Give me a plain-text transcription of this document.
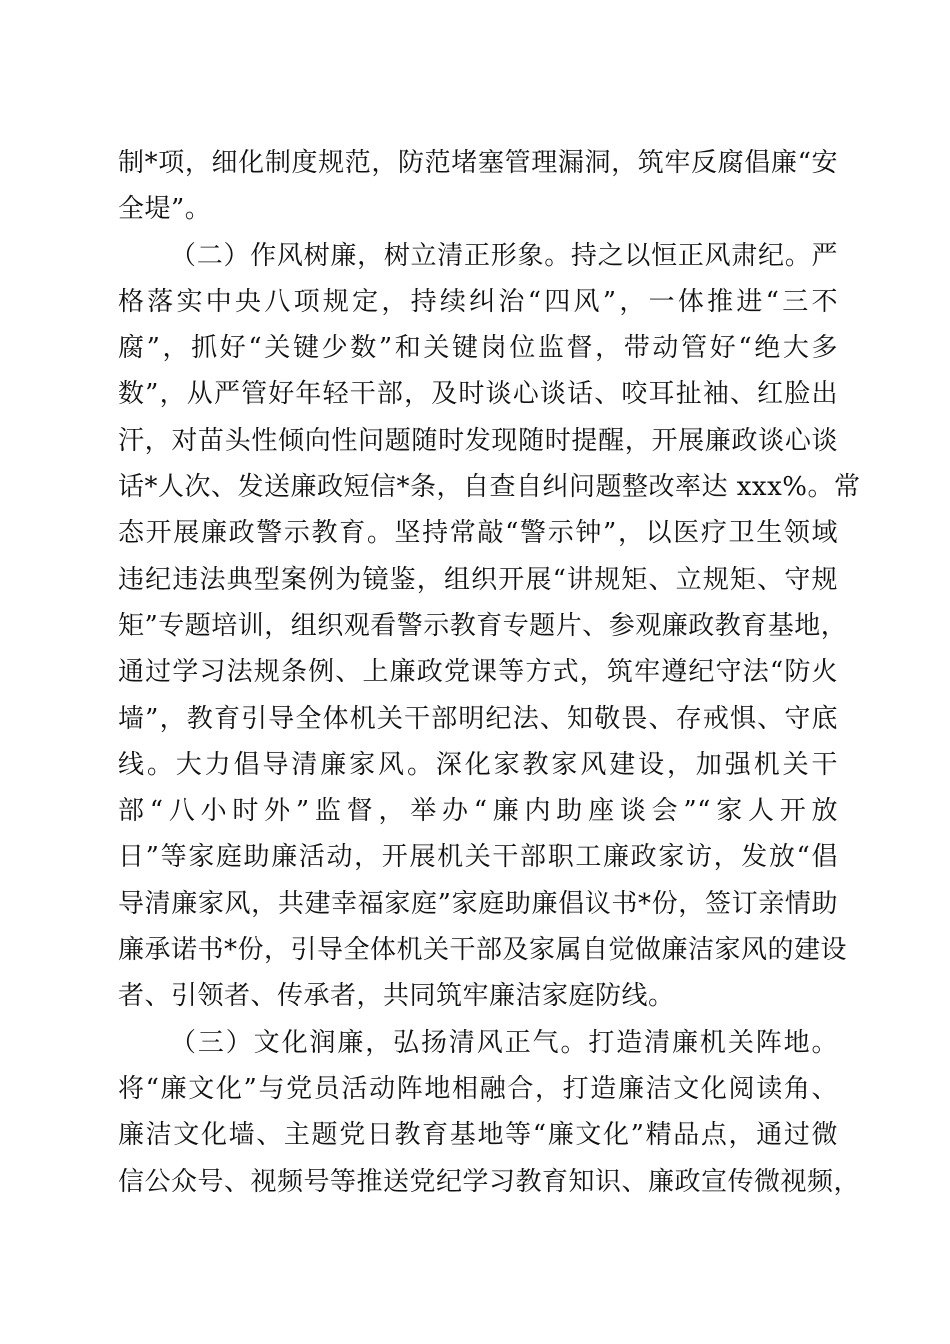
制*项，细化制度规范，防范堵塞管理漏洞，筑牢反腐倡廉“安
全堤”。
（二）作风树廉，树立清正形象。持之以恒正风肃纪。严
格落实中央八项规定，持续纠治“四风”，一体推进“三不
腐”，抓好“关键少数”和关键岗位监督，带动管好“绝大多
数”，从严管好年轻干部，及时谈心谈话、咬耳扯袖、红脸出
汗，对苗头性倾向性问题随时发现随时提醒，开展廉政谈心谈
话*人次、发送廉政短信*条，自查自纠问题整改率达 xxx%。常
态开展廉政警示教育。坚持常敲“警示钟”，以医疗卫生领域
违纪违法典型案例为镜鉴，组织开展“讲规矩、立规矩、守规
矩”专题培训，组织观看警示教育专题片、参观廉政教育基地，
通过学习法规条例、上廉政党课等方式，筑牢遵纪守法“防火
墙”，教育引导全体机关干部明纪法、知敬畏、存戒惧、守底
线。大力倡导清廉家风。深化家教家风建设，加强机关干
部“八小时外”监督，举办“廉内助座谈会”“家人开放
日”等家庭助廉活动，开展机关干部职工廉政家访，发放“倡
导清廉家风，共建幸福家庭”家庭助廉倡议书*份，签订亲情助
廉承诺书*份，引导全体机关干部及家属自觉做廉洁家风的建设
者、引领者、传承者，共同筑牢廉洁家庭防线。
（三）文化润廉，弘扬清风正气。打造清廉机关阵地。
将“廉文化”与党员活动阵地相融合，打造廉洁文化阅读角、
廉洁文化墙、主题党日教育基地等“廉文化”精品点，通过微
信公众号、视频号等推送党纪学习教育知识、廉政宣传微视频，
